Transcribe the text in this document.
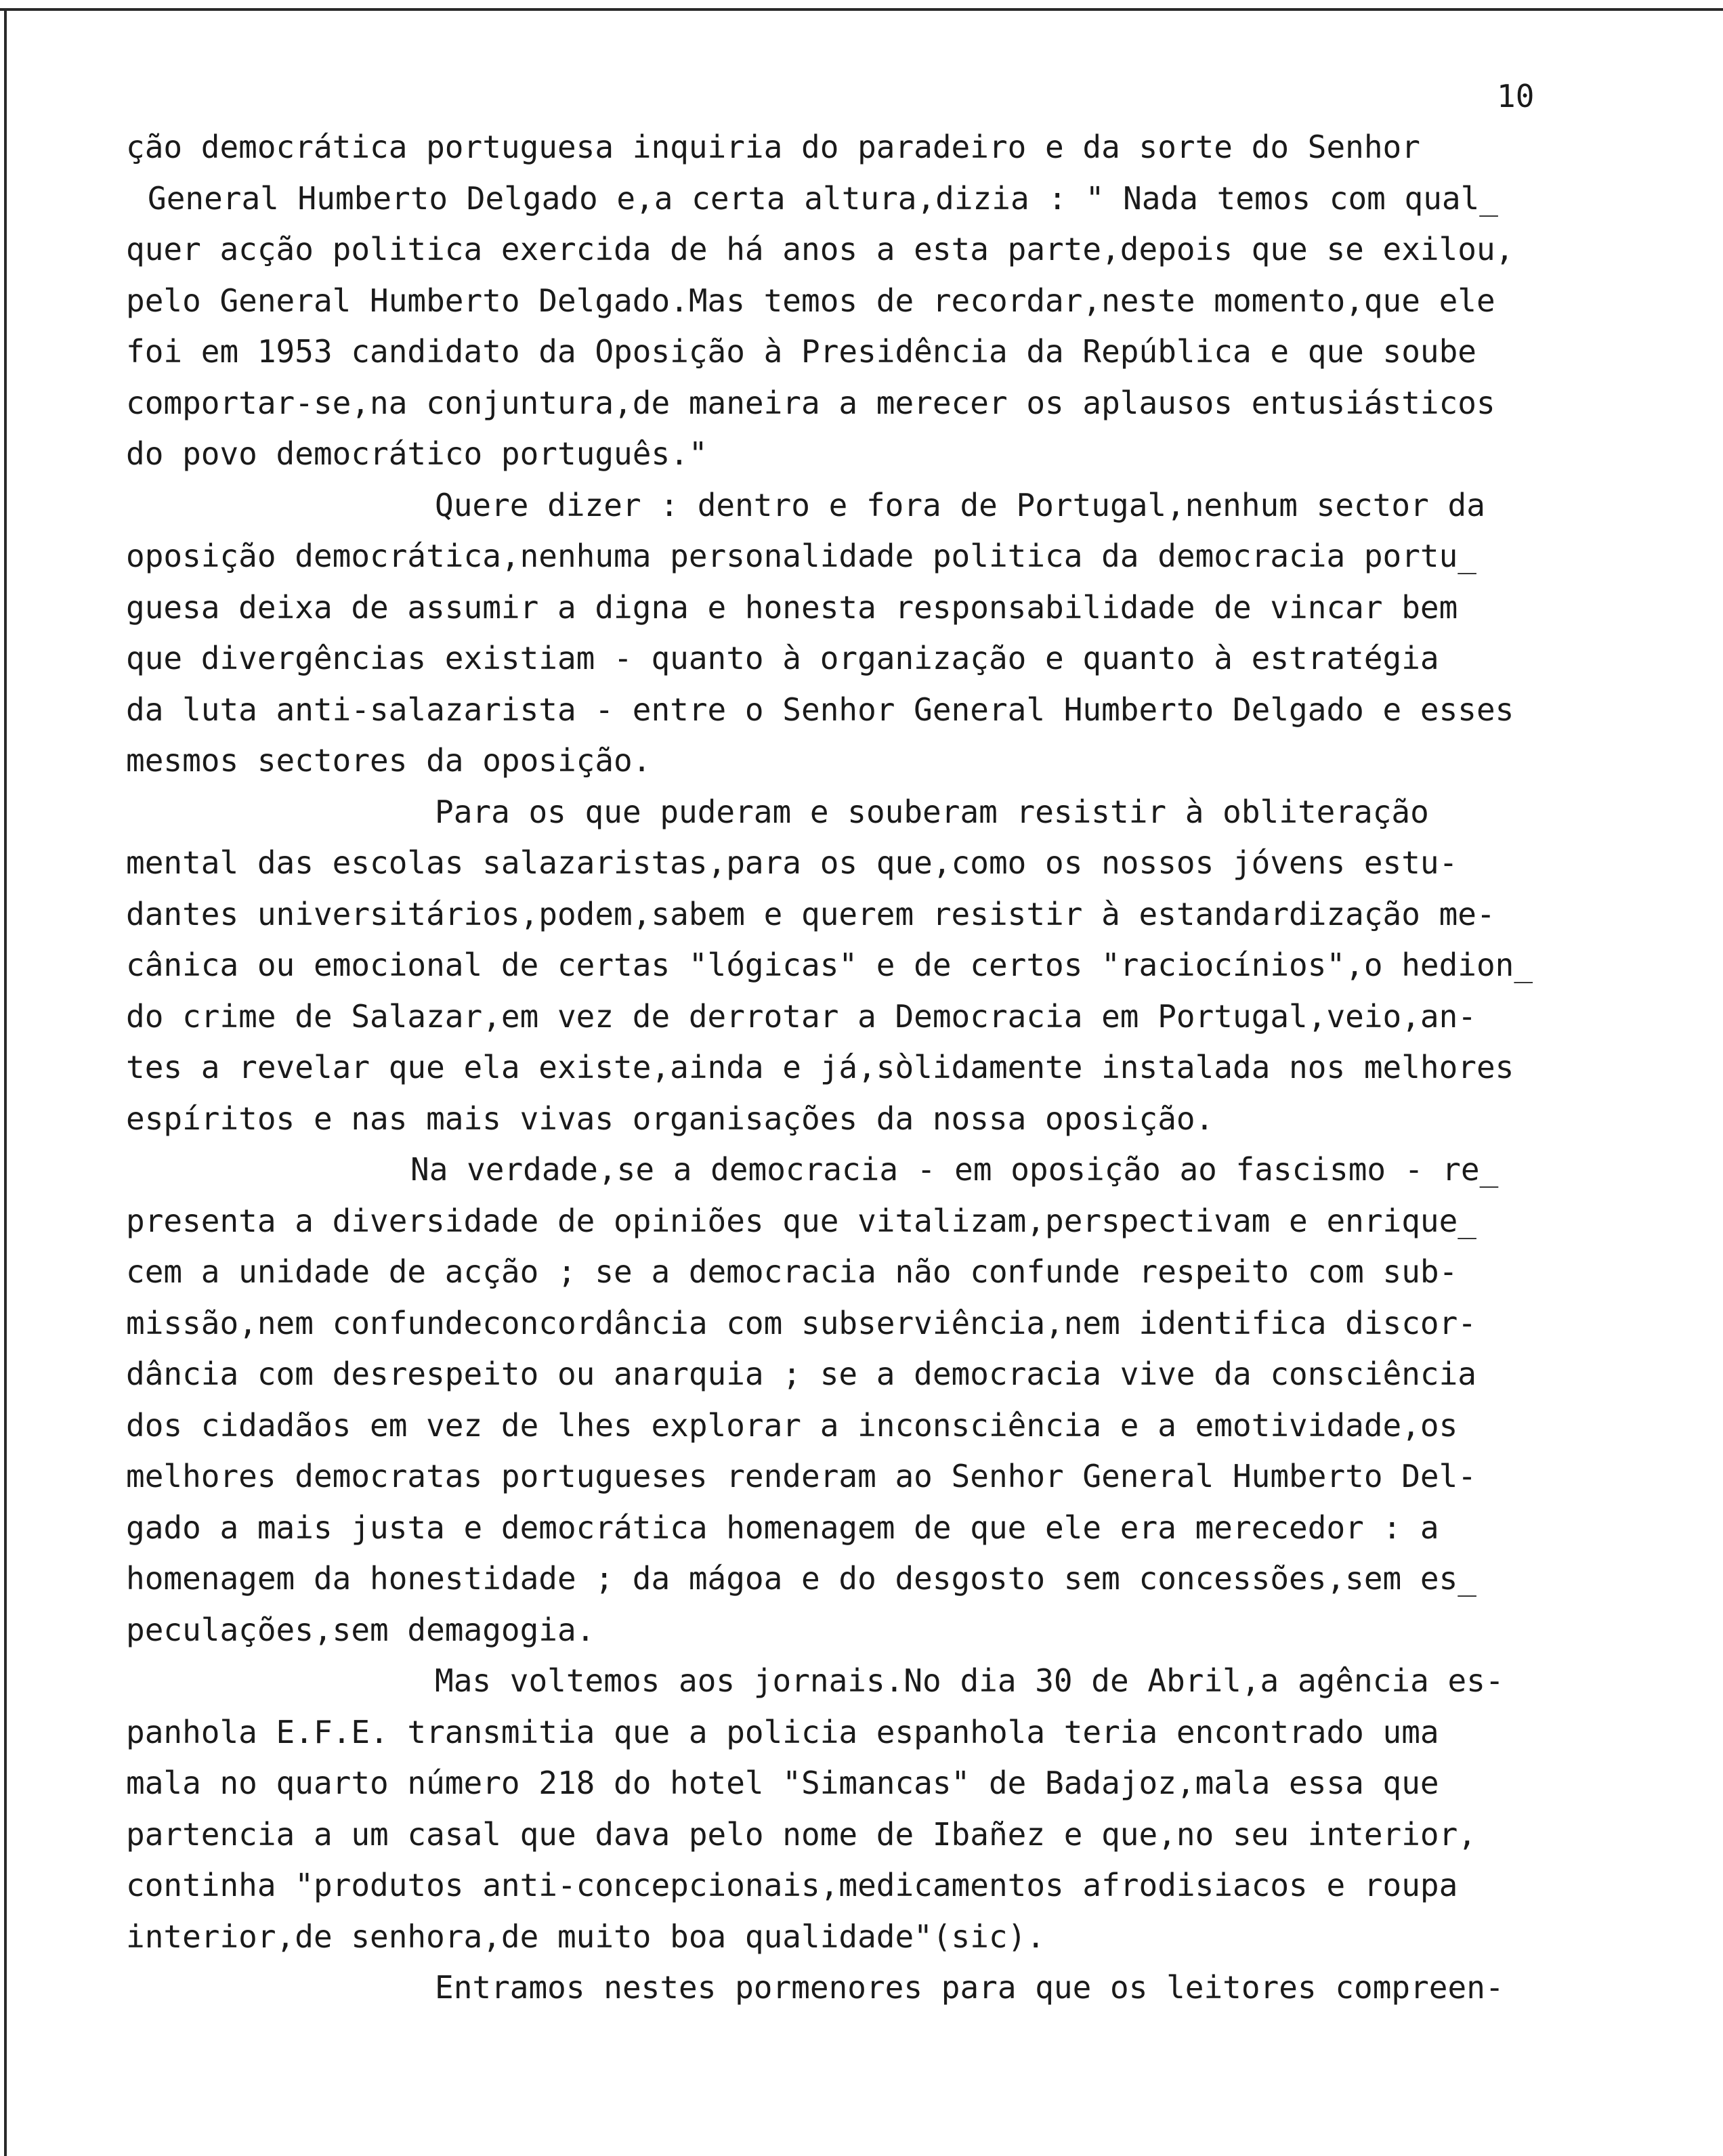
10

ção democrática portuguesa inquiria do paradeiro e da sorte do Senhor
General Humberto Delgado e,a certa altura,dizia : " Nada temos com qual_
quer acção politica exercida de há anos a esta parte,depois que se exilou,
pelo General Humberto Delgado.Mas temos de recordar,neste momento,que ele
foi em 1953 candidato da Oposição à Presidência da República e que soube
comportar-se,na conjuntura,de maneira a merecer os aplausos entusiásticos
do povo democrático português."
Quere dizer : dentro e fora de Portugal,nenhum sector da
oposição democrática,nenhuma personalidade politica da democracia portu_
guesa deixa de assumir a digna e honesta responsabilidade de vincar bem
que divergências existiam - quanto à organização e quanto à estratégia
da luta anti-salazarista - entre o Senhor General Humberto Delgado e esses
mesmos sectores da oposição.
Para os que puderam e souberam resistir à obliteração
mental das escolas salazaristas,para os que,como os nossos jóvens estu-
dantes universitários,podem,sabem e querem resistir à estandardização me-
cânica ou emocional de certas "lógicas" e de certos "raciocínios",o hedion_
do crime de Salazar,em vez de derrotar a Democracia em Portugal,veio,an-
tes a revelar que ela existe,ainda e já,sòlidamente instalada nos melhores
espíritos e nas mais vivas organisações da nossa oposição.
Na verdade,se a democracia - em oposição ao fascismo - re_
presenta a diversidade de opiniões que vitalizam,perspectivam e enrique_
cem a unidade de acção ; se a democracia não confunde respeito com sub-
missão,nem confundeconcordância com subserviência,nem identifica discor-
dância com desrespeito ou anarquia ; se a democracia vive da consciência
dos cidadãos em vez de lhes explorar a inconsciência e a emotividade,os
melhores democratas portugueses renderam ao Senhor General Humberto Del-
gado a mais justa e democrática homenagem de que ele era merecedor : a
homenagem da honestidade ; da mágoa e do desgosto sem concessões,sem es_
peculações,sem demagogia.
Mas voltemos aos jornais.No dia 30 de Abril,a agência es-
panhola E.F.E. transmitia que a policia espanhola teria encontrado uma
mala no quarto número 218 do hotel "Simancas" de Badajoz,mala essa que
partencia a um casal que dava pelo nome de Ibañez e que,no seu interior,
continha "produtos anti-concepcionais,medicamentos afrodisiacos e roupa
interior,de senhora,de muito boa qualidade"(sic).
Entramos nestes pormenores para que os leitores compreen-
